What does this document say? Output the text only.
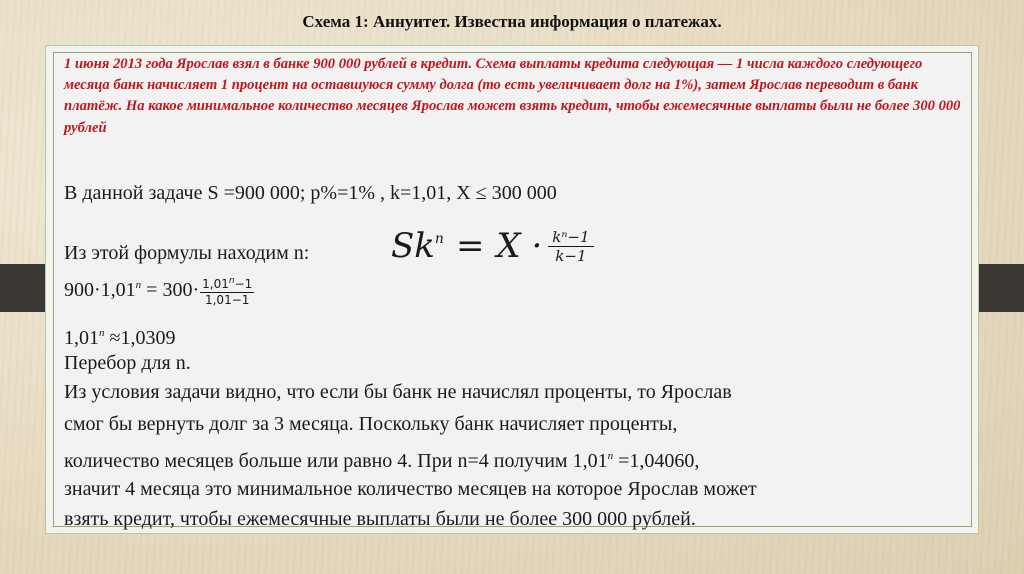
Схема 1: Аннуитет. Известна информация о платежах.
1 июня 2013 года Ярослав взял в банке 900 000 рублей в кредит. Схема выплаты кредита следующая — 1 числа каждого следующего месяца банк начисляет 1 процент на оставшуюся сумму долга (то есть увеличивает долг на 1%), затем Ярослав переводит в банк платёж. На какое минимальное количество месяцев Ярослав может взять кредит, чтобы ежемесячные выплаты были не более 300 000 рублей
В данной задаче S =900 000; p%=1% , k=1,01, X ≤ 300 000
Из этой формулы находим n: $Sk^n = X \cdot \frac{\text{kⁿ−1}}{k-1}$
$900\cdot 1,01^n = 300\cdot \frac{1,01^n-1}{1,01-1}$
$1,01^n \approx 1,0309$
Перебор для n.
Из условия задачи видно, что если бы банк не начислял проценты, то Ярослав
смог бы вернуть долг за 3 месяца. Поскольку банк начисляет проценты,
количество месяцев больше или равно 4. При n=4 получим $1,01^n =1,04060$,
значит 4 месяца это минимальное количество месяцев на которое Ярослав может
взять кредит, чтобы ежемесячные выплаты были не более 300 000 рублей.
